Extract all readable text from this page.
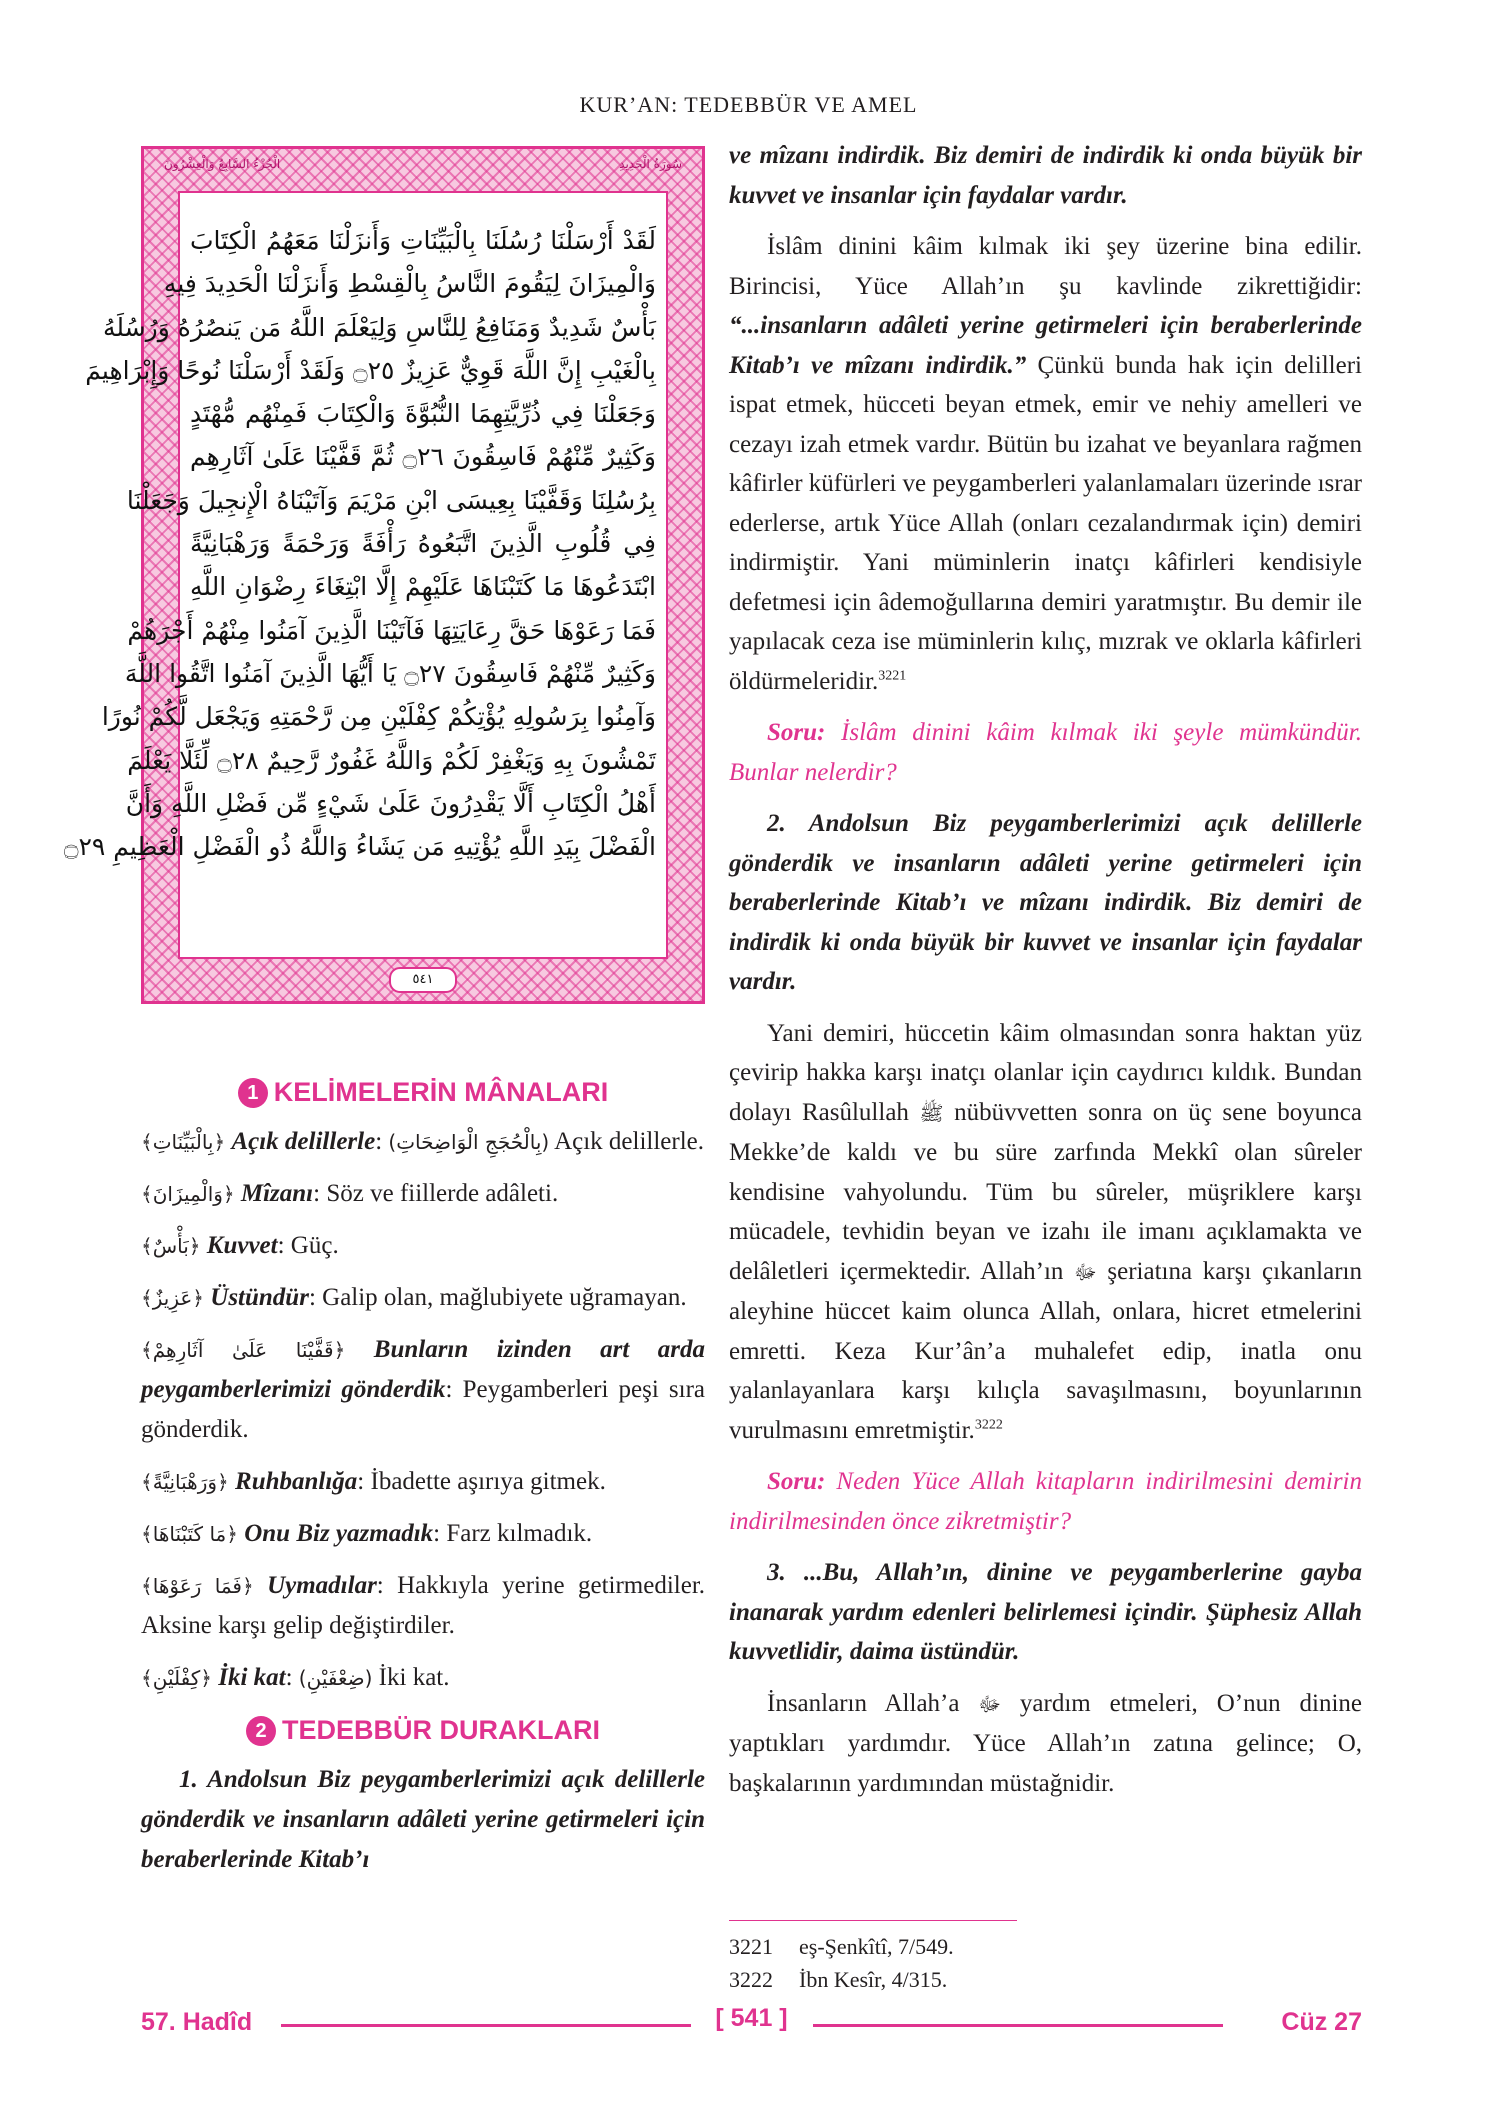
KUR’AN: TEDEBBÜR VE AMEL
سُورَةُ الْحَدِيدِ
الْجُزْءُ السَّابِعُ وَالْعِشْرُونَ
لَقَدْ أَرْسَلْنَا رُسُلَنَا بِالْبَيِّنَاتِ وَأَنزَلْنَا مَعَهُمُ الْكِتَابَ
وَالْمِيزَانَ لِيَقُومَ النَّاسُ بِالْقِسْطِ وَأَنزَلْنَا الْحَدِيدَ فِيهِ
بَأْسٌ شَدِيدٌ وَمَنَافِعُ لِلنَّاسِ وَلِيَعْلَمَ اللَّهُ مَن يَنصُرُهُ وَرُسُلَهُ
بِالْغَيْبِ إِنَّ اللَّهَ قَوِيٌّ عَزِيزٌ ۝٢٥ وَلَقَدْ أَرْسَلْنَا نُوحًا وَإِبْرَاهِيمَ
وَجَعَلْنَا فِي ذُرِّيَّتِهِمَا النُّبُوَّةَ وَالْكِتَابَ فَمِنْهُم مُّهْتَدٍ
وَكَثِيرٌ مِّنْهُمْ فَاسِقُونَ ۝٢٦ ثُمَّ قَفَّيْنَا عَلَىٰ آثَارِهِم
بِرُسُلِنَا وَقَفَّيْنَا بِعِيسَى ابْنِ مَرْيَمَ وَآتَيْنَاهُ الْإِنجِيلَ وَجَعَلْنَا
فِي قُلُوبِ الَّذِينَ اتَّبَعُوهُ رَأْفَةً وَرَحْمَةً وَرَهْبَانِيَّةً
ابْتَدَعُوهَا مَا كَتَبْنَاهَا عَلَيْهِمْ إِلَّا ابْتِغَاءَ رِضْوَانِ اللَّهِ
فَمَا رَعَوْهَا حَقَّ رِعَايَتِهَا فَآتَيْنَا الَّذِينَ آمَنُوا مِنْهُمْ أَجْرَهُمْ
وَكَثِيرٌ مِّنْهُمْ فَاسِقُونَ ۝٢٧ يَا أَيُّهَا الَّذِينَ آمَنُوا اتَّقُوا اللَّهَ
وَآمِنُوا بِرَسُولِهِ يُؤْتِكُمْ كِفْلَيْنِ مِن رَّحْمَتِهِ وَيَجْعَل لَّكُمْ نُورًا
تَمْشُونَ بِهِ وَيَغْفِرْ لَكُمْ وَاللَّهُ غَفُورٌ رَّحِيمٌ ۝٢٨ لِّئَلَّا يَعْلَمَ
أَهْلُ الْكِتَابِ أَلَّا يَقْدِرُونَ عَلَىٰ شَيْءٍ مِّن فَضْلِ اللَّهِ وَأَنَّ
الْفَضْلَ بِيَدِ اللَّهِ يُؤْتِيهِ مَن يَشَاءُ وَاللَّهُ ذُو الْفَضْلِ الْعَظِيمِ ۝٢٩
٥٤١
1 KELİMELERİN MÂNALARI

﴿بِالْبَيِّنَاتِ﴾ Açık delillerle: (بِالْحُجَجِ الْوَاضِحَاتِ) Açık delillerle.

﴿وَالْمِيزَانَ﴾ Mîzanı: Söz ve fiillerde adâleti.

﴿بَأْسٌ﴾ Kuvvet: Güç.

﴿عَزِيزٌ﴾ Üstündür: Galip olan, mağlubiyete uğramayan.

﴿قَفَّيْنَا عَلَىٰ آثَارِهِمْ﴾ Bunların izinden art arda peygamberlerimizi gönderdik: Peygamberleri peşi sıra gönderdik.

﴿وَرَهْبَانِيَّةً﴾ Ruhbanlığa: İbadette aşırıya gitmek.

﴿مَا كَتَبْنَاهَا﴾ Onu Biz yazmadık: Farz kılmadık.

﴿فَمَا رَعَوْهَا﴾ Uymadılar: Hakkıyla yerine getirmediler. Aksine karşı gelip değiştirdiler.

﴿كِفْلَيْنِ﴾ İki kat: (ضِعْفَيْنِ) İki kat.

2 TEDEBBÜR DURAKLARI

1. Andolsun Biz peygamberlerimizi açık delillerle gönderdik ve insanların adâleti yerine getirmeleri için beraberlerinde Kitab’ı

ve mîzanı indirdik. Biz demiri de indirdik ki onda büyük bir kuvvet ve insanlar için faydalar vardır.

İslâm dinini kâim kılmak iki şey üzerine bina edilir. Birincisi, Yüce Allah’ın şu kavlinde zikrettiğidir: “...insanların adâleti yerine getirmeleri için beraberlerinde Kitab’ı ve mîzanı indirdik.” Çünkü bunda hak için delilleri ispat etmek, hücceti beyan etmek, emir ve nehiy amelleri ve cezayı izah etmek vardır. Bütün bu izahat ve beyanlara rağmen kâfirler küfürleri ve peygamberleri yalanlamaları üzerinde ısrar ederlerse, artık Yüce Allah (onları cezalandırmak için) demiri indirmiştir. Yani müminlerin inatçı kâfirleri kendisiyle defetmesi için âdemoğullarına demiri yaratmıştır. Bu demir ile yapılacak ceza ise müminlerin kılıç, mızrak ve oklarla kâfirleri öldürmeleridir.$^{3221}$

Soru: İslâm dinini kâim kılmak iki şeyle mümkündür. Bunlar nelerdir?

2. Andolsun Biz peygamberlerimizi açık delillerle gönderdik ve insanların adâleti yerine getirmeleri için beraberlerinde Kitab’ı ve mîzanı indirdik. Biz demiri de indirdik ki onda büyük bir kuvvet ve insanlar için faydalar vardır.

Yani demiri, hüccetin kâim olmasından sonra haktan yüz çevirip hakka karşı inatçı olanlar için caydırıcı kıldık. Bundan dolayı Rasûlullah ﷺ nübüvvetten sonra on üç sene boyunca Mekke’de kaldı ve bu süre zarfında Mekkî olan sûreler kendisine vahyolundu. Tüm bu sûreler, müşriklere karşı mücadele, tevhidin beyan ve izahı ile imanı açıklamakta ve delâletleri içermektedir. Allah’ın ﷻ şeriatına karşı çıkanların aleyhine hüccet kaim olunca Allah, onlara, hicret etmelerini emretti. Keza Kur’ân’a muhalefet edip, inatla onu yalanlayanlara karşı kılıçla savaşılmasını, boyunlarının vurulmasını emretmiştir.$^{3222}$

Soru: Neden Yüce Allah kitapların indirilmesini demirin indirilmesinden önce zikretmiştir?

3. ...Bu, Allah’ın, dinine ve peygamberlerine gayba inanarak yardım edenleri belirlemesi içindir. Şüphesiz Allah kuvvetlidir, daima üstündür.

İnsanların Allah’a ﷻ yardım etmeleri, O’nun dinine yaptıkları yardımdır. Yüce Allah’ın zatına gelince; O, başkalarının yardımından müstağnidir.

3221 eş-Şenkîtî, 7/549.
3222 İbn Kesîr, 4/315.
57. Hadîd	[ 541 ]	Cüz 27
